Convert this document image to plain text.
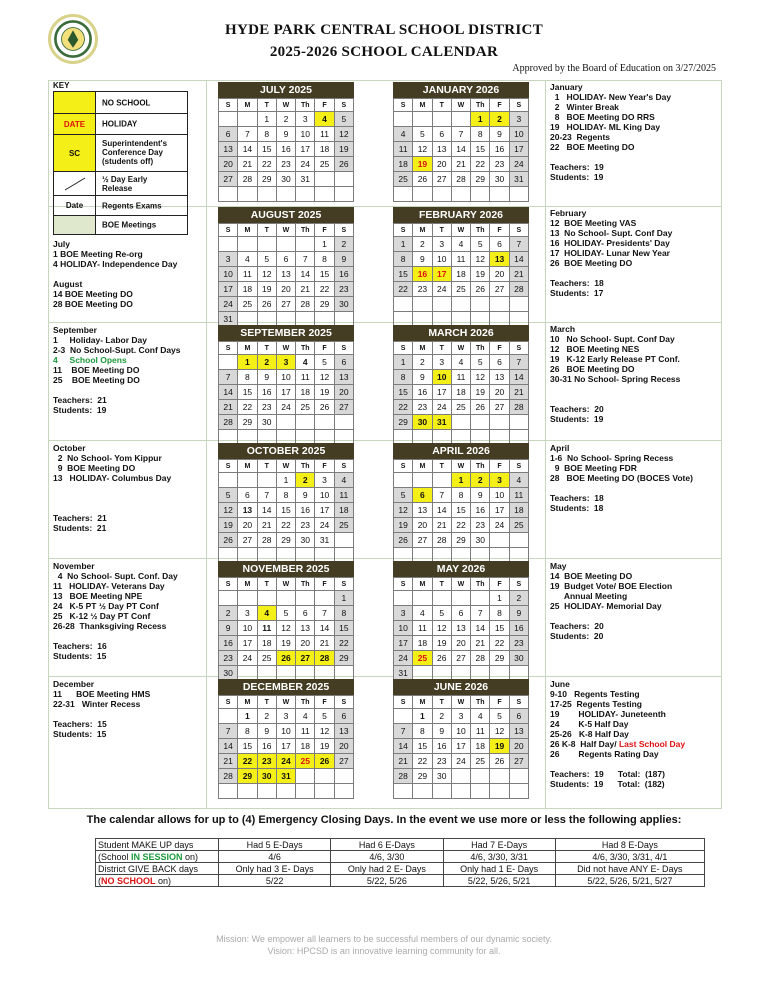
HYDE PARK CENTRAL SCHOOL DISTRICT
2025-2026 SCHOOL CALENDAR
Approved by the Board of Education on 3/27/2025
KEY
NO SCHOOL
DATE	HOLIDAY
SC
Superintendent's
Conference Day
(students off)
½ Day Early
Release
Date	Regents Exams
BOE Meetings
July
1 BOE Meeting Re-org
4 HOLIDAY- Independence Day

August
14 BOE Meeting DO
28 BOE Meeting DO
September
1     Holiday- Labor Day
2-3  No School-Supt. Conf Days
4     School Opens
11    BOE Meeting DO
25    BOE Meeting DO

Teachers:  21
Students:  19
October
2  No School- Yom Kippur
9  BOE Meeting DO
13   HOLIDAY- Columbus Day

Teachers:  21
Students:  21
November
4  No School- Supt. Conf. Day
11   HOLIDAY- Veterans Day
13   BOE Meeting NPE
24   K-5 PT ½ Day PT Conf
25   K-12 ½ Day PT Conf
26-28  Thanksgiving Recess

Teachers:  16
Students:  15
December
11      BOE Meeting HMS
22-31   Winter Recess

Teachers:  15
Students:  15
January
1   HOLIDAY- New Year's Day
2   Winter Break
8   BOE Meeting DO RRS
19   HOLIDAY- ML King Day
20-23  Regents
22   BOE Meeting DO

Teachers:  19
Students:  19
February
12  BOE Meeting VAS
13  No School- Supt. Conf Day
16  HOLIDAY- Presidents' Day
17  HOLIDAY- Lunar New Year
26  BOE Meeting DO

Teachers:  18
Students:  17
March
10   No School- Supt. Conf Day
12   BOE Meeting NES
19   K-12 Early Release PT Conf.
26   BOE Meeting DO
30-31 No School- Spring Recess

Teachers:  20
Students:  19
April
1-6  No School- Spring Recess
9  BOE Meeting FDR
28   BOE Meeting DO (BOCES Vote)

Teachers:  18
Students:  18
May
14  BOE Meeting DO
19  Budget Vote/ BOE Election
Annual Meeting
25  HOLIDAY- Memorial Day

Teachers:  20
Students:  20
June
9-10   Regents Testing
17-25  Regents Testing
19        HOLIDAY- Juneteenth
24        K-5 Half Day
25-26   K-8 Half Day
26 K-8  Half Day/ Last School Day
26        Regents Rating Day

Teachers:  19      Total:  (187)
Students:  19      Total:  (182)
JULY 2025
S	M	T	W	Th	F	S
		1	2	3	4	5
6	7	8	9	10	11	12
13	14	15	16	17	18	19
20	21	22	23	24	25	26
27	28	29	30	31		

JANUARY 2026
S	M	T	W	Th	F	S
				1	2	3
4	5	6	7	8	9	10
11	12	13	14	15	16	17
18	19	20	21	22	23	24
25	26	27	28	29	30	31

AUGUST 2025
S	M	T	W	Th	F	S
					1	2
3	4	5	6	7	8	9
10	11	12	13	14	15	16
17	18	19	20	21	22	23
24	25	26	27	28	29	30
31						
FEBRUARY 2026
S	M	T	W	Th	F	S
1	2	3	4	5	6	7
8	9	10	11	12	13	14
15	16	17	18	19	20	21
22	23	24	25	26	27	28

SEPTEMBER 2025
S	M	T	W	Th	F	S
	1	2	3	4	5	6
7	8	9	10	11	12	13
14	15	16	17	18	19	20
21	22	23	24	25	26	27
28	29	30				

MARCH 2026
S	M	T	W	Th	F	S
1	2	3	4	5	6	7
8	9	10	11	12	13	14
15	16	17	18	19	20	21
22	23	24	25	26	27	28
29	30	31				

OCTOBER 2025
S	M	T	W	Th	F	S
			1	2	3	4
5	6	7	8	9	10	11
12	13	14	15	16	17	18
19	20	21	22	23	24	25
26	27	28	29	30	31	

APRIL 2026
S	M	T	W	Th	F	S
			1	2	3	4
5	6	7	8	9	10	11
12	13	14	15	16	17	18
19	20	21	22	23	24	25
26	27	28	29	30		

NOVEMBER 2025
S	M	T	W	Th	F	S
						1
2	3	4	5	6	7	8
9	10	11	12	13	14	15
16	17	18	19	20	21	22
23	24	25	26	27	28	29
30						
MAY 2026
S	M	T	W	Th	F	S
					1	2
3	4	5	6	7	8	9
10	11	12	13	14	15	16
17	18	19	20	21	22	23
24	25	26	27	28	29	30
31						
DECEMBER 2025
S	M	T	W	Th	F	S
	1	2	3	4	5	6
7	8	9	10	11	12	13
14	15	16	17	18	19	20
21	22	23	24	25	26	27
28	29	30	31			

JUNE 2026
S	M	T	W	Th	F	S
	1	2	3	4	5	6
7	8	9	10	11	12	13
14	15	16	17	18	19	20
21	22	23	24	25	26	27
28	29	30				

The calendar allows for up to (4) Emergency Closing Days. In the event we use more or less the following applies:
Student MAKE UP days	Had 5 E-Days	Had 6 E-Days	Had 7 E-Days	Had 8 E-Days
(School IN SESSION on)	4/6	4/6, 3/30	4/6, 3/30, 3/31	4/6, 3/30, 3/31, 4/1
District GIVE BACK days	Only had 3 E- Days	Only had 2 E- Days	Only had 1 E- Days	Did not have ANY E- Days
(NO SCHOOL on)	5/22	5/22, 5/26	5/22, 5/26, 5/21	5/22, 5/26, 5/21, 5/27
Mission: We empower all learners to be successful members of our dynamic society.
Vision: HPCSD is an innovative learning community for all.
